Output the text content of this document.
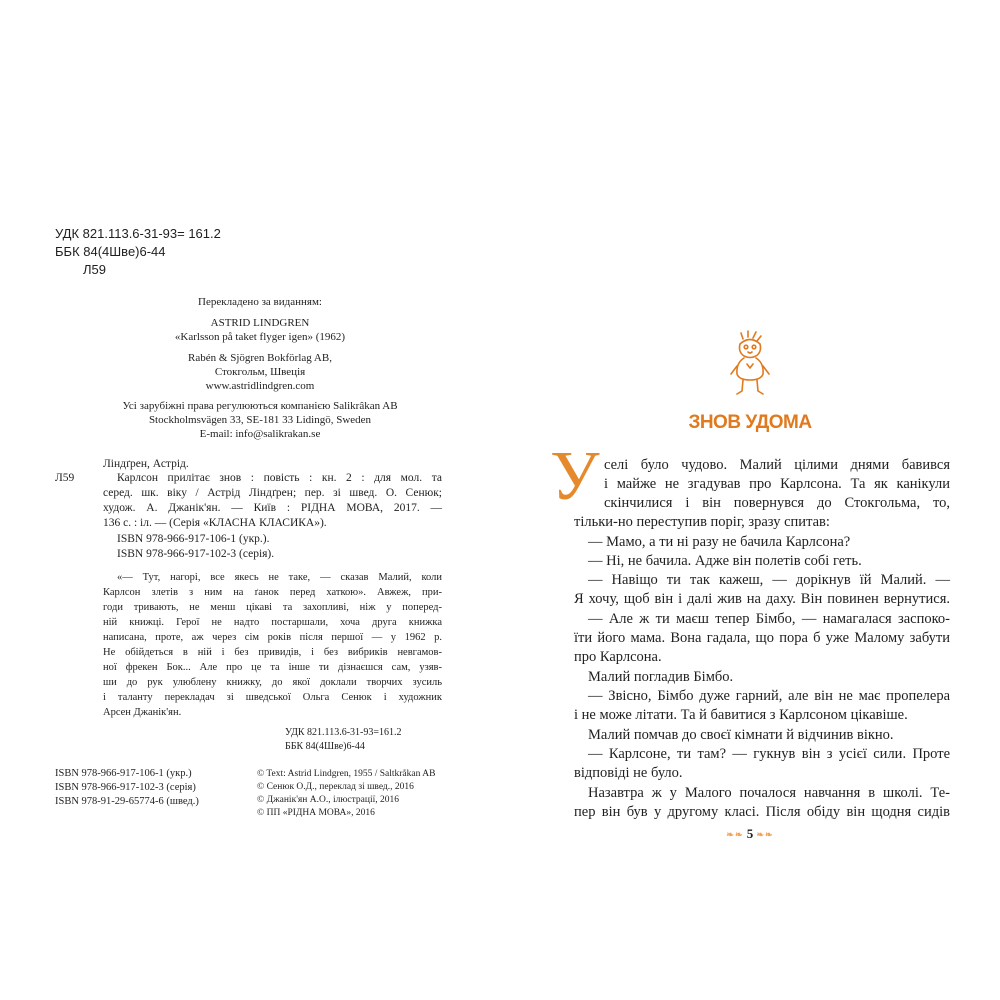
УДК 821.113.6-31-93= 161.2
ББК 84(4Шве)6-44
Л59
Перекладено за виданням:
ASTRID LINDGREN
«Karlsson på taket flyger igen» (1962)
Rabén & Sjögren Bokförlag AB,
Стокгольм, Швеція
www.astridlindgren.com
Усі зарубіжні права регулюються компанією Salikrâkan AB
Stockholmsvägen 33, SE-181 33 Lidingö, Sweden
E-mail: info@salikrakan.se
Л59
Ліндґрен, Астрід.
Карлсон прилітає знов : повість : кн. 2 : для мол. та
серед. шк. віку / Астрід Ліндґрен; пер. зі швед. О. Сенюк;
худож. А. Джанік'ян. — Київ : РІДНА МОВА, 2017. —
136 с. : іл. — (Серія «КЛАСНА КЛАСИКА»).
ISBN 978-966-917-106-1 (укр.).
ISBN 978-966-917-102-3 (серія).
«— Тут, нагорі, все якесь не таке, — сказав Малий, коли
Карлсон злетів з ним на ґанок перед хаткою». Авжеж, при-
годи тривають, не менш цікаві та захопливі, ніж у поперед-
ній книжці. Герої не надто постаршали, хоча друга книжка
написана, проте, аж через сім років після першої — у 1962 р.
Не обійдеться в ній і без привидів, і без вибриків невгамов-
ної фрекен Бок... Але про це та інше ти дізнаєшся сам, узяв-
ши до рук улюблену книжку, до якої доклали творчих зусиль
і таланту перекладач зі шведської Ольга Сенюк і художник
Арсен Джанік'ян.
УДК 821.113.6-31-93=161.2
ББК 84(4Шве)6-44
ISBN 978-966-917-106-1 (укр.)
ISBN 978-966-917-102-3 (серія)
ISBN 978-91-29-65774-6 (швед.)
© Text: Astrid Lindgren, 1955 / Saltkråkan AB
© Сенюк О.Д., переклад зі швед., 2016
© Джанік'ян А.О., ілюстрації, 2016
© ПП «РІДНА МОВА», 2016
ЗНОВ УДОМА
У селі було чудово. Малий цілими днями бавився
і майже не згадував про Карлсона. Та як канікули
скінчилися і він повернувся до Стокгольма, то,
тільки-но переступив поріг, зразу спитав:
— Мамо, а ти ні разу не бачила Карлсона?
— Ні, не бачила. Адже він полетів собі геть.
— Навіщо ти так кажеш, — дорікнув їй Малий. —
Я хочу, щоб він і далі жив на даху. Він повинен вернутися.
— Але ж ти маєш тепер Бімбо, — намагалася заспоко-
їти його мама. Вона гадала, що пора б уже Малому забути
про Карлсона.
Малий погладив Бімбо.
— Звісно, Бімбо дуже гарний, але він не має пропелера
і не може літати. Та й бавитися з Карлсоном цікавіше.
Малий помчав до своєї кімнати й відчинив вікно.
— Карлсоне, ти там? — гукнув він з усієї сили. Проте
відповіді не було.
Назавтра ж у Малого почалося навчання в школі. Те-
пер він був у другому класі. Після обіду він щодня сидів
❧❧ 5 ❧❧
